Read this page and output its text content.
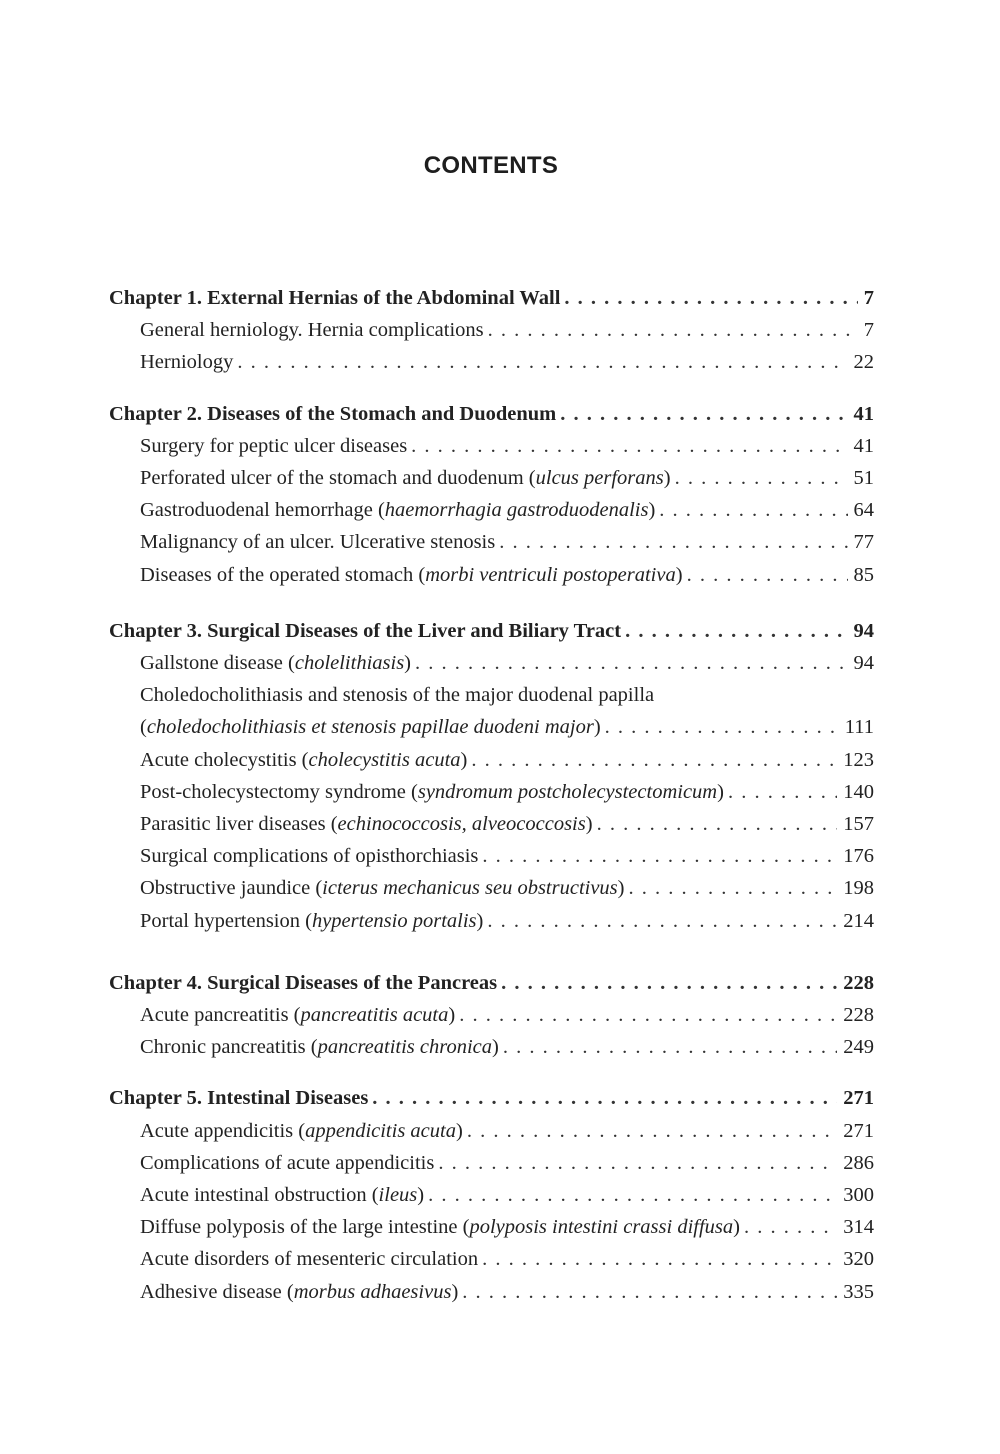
CONTENTS
Chapter 1. External Hernias of the Abdominal Wall . . .	7
General herniology. Hernia complications . . .	7
Herniology . . .	22
Chapter 2. Diseases of the Stomach and Duodenum . . .	41
Surgery for peptic ulcer diseases . . .	41
Perforated ulcer of the stomach and duodenum (ulcus perforans) . . .	51
Gastroduodenal hemorrhage (haemorrhagia gastroduodenalis) . . .	64
Malignancy of an ulcer. Ulcerative stenosis . . .	77
Diseases of the operated stomach (morbi ventriculi postoperativa) . . .	85
Chapter 3. Surgical Diseases of the Liver and Biliary Tract . . .	94
Gallstone disease (cholelithiasis) . . .	94
Choledocholithiasis and stenosis of the major duodenal papilla
(choledocholithiasis et stenosis papillae duodeni major) . . .	111
Acute cholecystitis (cholecystitis acuta) . . .	123
Post-cholecystectomy syndrome (syndromum postcholecystectomicum) . . .	140
Parasitic liver diseases (echinococcosis, alveococcosis) . . .	157
Surgical complications of opisthorchiasis . . .	176
Obstructive jaundice (icterus mechanicus seu obstructivus) . . .	198
Portal hypertension (hypertensio portalis) . . .	214
Chapter 4. Surgical Diseases of the Pancreas . . .	228
Acute pancreatitis (pancreatitis acuta) . . .	228
Chronic pancreatitis (pancreatitis chronica) . . .	249
Chapter 5. Intestinal Diseases . . .	271
Acute appendicitis (appendicitis acuta) . . .	271
Complications of acute appendicitis . . .	286
Acute intestinal obstruction (ileus) . . .	300
Diffuse polyposis of the large intestine (polyposis intestini crassi diffusa) . . .	314
Acute disorders of mesenteric circulation . . .	320
Adhesive disease (morbus adhaesivus) . . .	335
